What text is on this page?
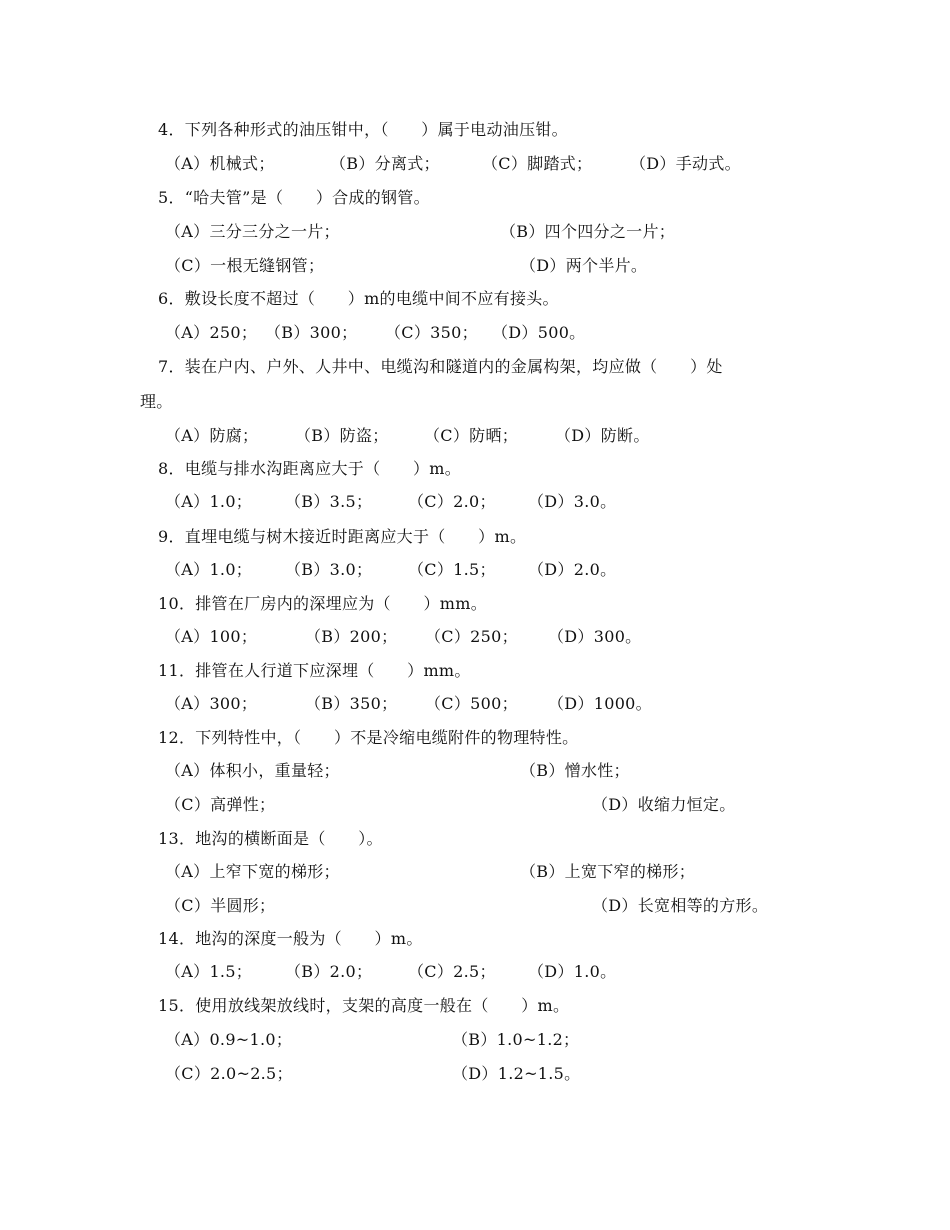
4．下列各种形式的油压钳中，（　　）属于电动油压钳。
（A）机械式；	（B）分离式；	（C）脚踏式； （D）手动式。
5．“哈夫管”是（　　）合成的钢管。
（A）三分三分之一片；	（B）四个四分之一片；
（C）一根无缝钢管；	（D）两个半片。
6．敷设长度不超过（　　）m的电缆中间不应有接头。
（A）250； （B）300； （C）350； （D）500。
7．装在户内、户外、人井中、电缆沟和隧道内的金属构架，均应做（　　）处
理。
（A）防腐； （B）防盗； （C）防晒； （D）防断。
8．电缆与排水沟距离应大于（　　）m。
（A）1.0； （B）3.5； （C）2.0； （D）3.0。
9．直埋电缆与树木接近时距离应大于（　　）m。
（A）1.0； （B）3.0； （C）1.5； （D）2.0。
10．排管在厂房内的深埋应为（　　）mm。
（A）100；	（B）200； （C）250； （D）300。
11．排管在人行道下应深埋（　　）mm。
（A）300；	（B）350； （C）500； （D）1000。
12．下列特性中，（　　）不是冷缩电缆附件的物理特性。
（A）体积小，重量轻；	（B）憎水性；
（C）高弹性；	（D）收缩力恒定。
13．地沟的横断面是（　　）。
（A）上窄下宽的梯形；	（B）上宽下窄的梯形；
（C）半圆形；	（D）长宽相等的方形。
14．地沟的深度一般为（　　）m。
（A）1.5； （B）2.0； （C）2.5； （D）1.0。
15．使用放线架放线时，支架的高度一般在（　　）m。
（A）0.9~1.0；	（B）1.0~1.2；
（C）2.0~2.5；	（D）1.2~1.5。
